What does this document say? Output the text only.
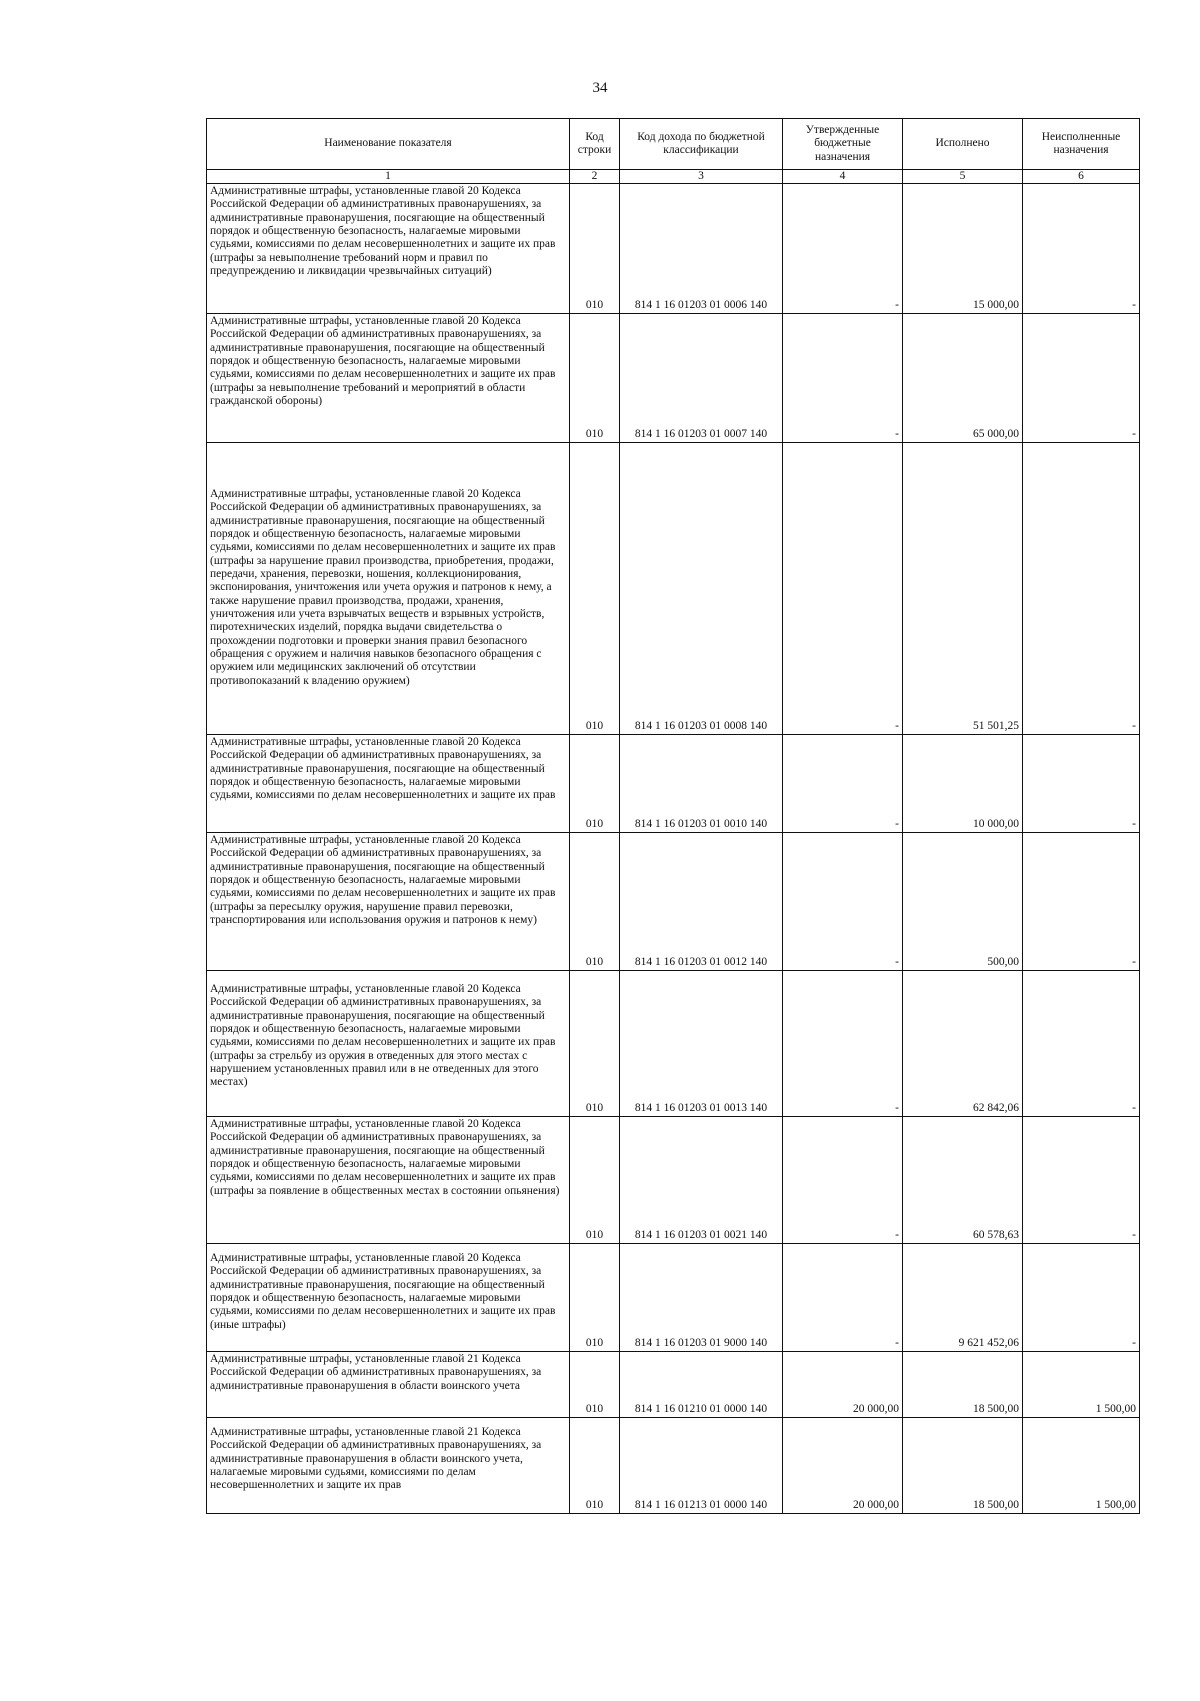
34
Наименование показателя	Код строки	Код дохода по бюджетной классификации	Утвержденные бюджетные назначения	Исполнено	Неисполненные назначения
1	2	3	4	5	6
Административные штрафы, установленные главой 20 Кодекса Российской Федерации об административных правонарушениях, за административные правонарушения, посягающие на общественный порядок и общественную безопасность, налагаемые мировыми судьями, комиссиями по делам несовершеннолетних и защите их прав (штрафы за невыполнение требований норм и правил по предупреждению и ликвидации чрезвычайных ситуаций)	010	814 1 16 01203 01 0006 140	-	15 000,00	-
Административные штрафы, установленные главой 20 Кодекса Российской Федерации об административных правонарушениях, за административные правонарушения, посягающие на общественный порядок и общественную безопасность, налагаемые мировыми судьями, комиссиями по делам несовершеннолетних и защите их прав (штрафы за невыполнение требований и мероприятий в области гражданской обороны)	010	814 1 16 01203 01 0007 140	-	65 000,00	-
Административные штрафы, установленные главой 20 Кодекса Российской Федерации об административных правонарушениях, за административные правонарушения, посягающие на общественный порядок и общественную безопасность, налагаемые мировыми судьями, комиссиями по делам несовершеннолетних и защите их прав (штрафы за нарушение правил производства, приобретения, продажи, передачи, хранения, перевозки, ношения, коллекционирования, экспонирования, уничтожения или учета оружия и патронов к нему, а также нарушение правил производства, продажи, хранения, уничтожения или учета взрывчатых веществ и взрывных устройств, пиротехнических изделий, порядка выдачи свидетельства о прохождении подготовки и проверки знания правил безопасного обращения с оружием и наличия навыков безопасного обращения с оружием или медицинских заключений об отсутствии противопоказаний к владению оружием)	010	814 1 16 01203 01 0008 140	-	51 501,25	-
Административные штрафы, установленные главой 20 Кодекса Российской Федерации об административных правонарушениях, за административные правонарушения, посягающие на общественный порядок и общественную безопасность, налагаемые мировыми судьями, комиссиями по делам несовершеннолетних и защите их прав	010	814 1 16 01203 01 0010 140	-	10 000,00	-
Административные штрафы, установленные главой 20 Кодекса Российской Федерации об административных правонарушениях, за административные правонарушения, посягающие на общественный порядок и общественную безопасность, налагаемые мировыми судьями, комиссиями по делам несовершеннолетних и защите их прав (штрафы за пересылку оружия, нарушение правил перевозки, транспортирования или использования оружия и патронов к нему)	010	814 1 16 01203 01 0012 140	-	500,00	-
Административные штрафы, установленные главой 20 Кодекса Российской Федерации об административных правонарушениях, за административные правонарушения, посягающие на общественный порядок и общественную безопасность, налагаемые мировыми судьями, комиссиями по делам несовершеннолетних и защите их прав (штрафы за стрельбу из оружия в отведенных для этого местах с нарушением установленных правил или в не отведенных для этого местах)	010	814 1 16 01203 01 0013 140	-	62 842,06	-
Административные штрафы, установленные главой 20 Кодекса Российской Федерации об административных правонарушениях, за административные правонарушения, посягающие на общественный порядок и общественную безопасность, налагаемые мировыми судьями, комиссиями по делам несовершеннолетних и защите их прав (штрафы за появление в общественных местах в состоянии опьянения)	010	814 1 16 01203 01 0021 140	-	60 578,63	-
Административные штрафы, установленные главой 20 Кодекса Российской Федерации об административных правонарушениях, за административные правонарушения, посягающие на общественный порядок и общественную безопасность, налагаемые мировыми судьями, комиссиями по делам несовершеннолетних и защите их прав (иные штрафы)	010	814 1 16 01203 01 9000 140	-	9 621 452,06	-
Административные штрафы, установленные главой 21 Кодекса Российской Федерации об административных правонарушениях, за административные правонарушения в области воинского учета	010	814 1 16 01210 01 0000 140	20 000,00	18 500,00	1 500,00
Административные штрафы, установленные главой 21 Кодекса Российской Федерации об административных правонарушениях, за административные правонарушения в области воинского учета, налагаемые мировыми судьями, комиссиями по делам несовершеннолетних и защите их прав	010	814 1 16 01213 01 0000 140	20 000,00	18 500,00	1 500,00
